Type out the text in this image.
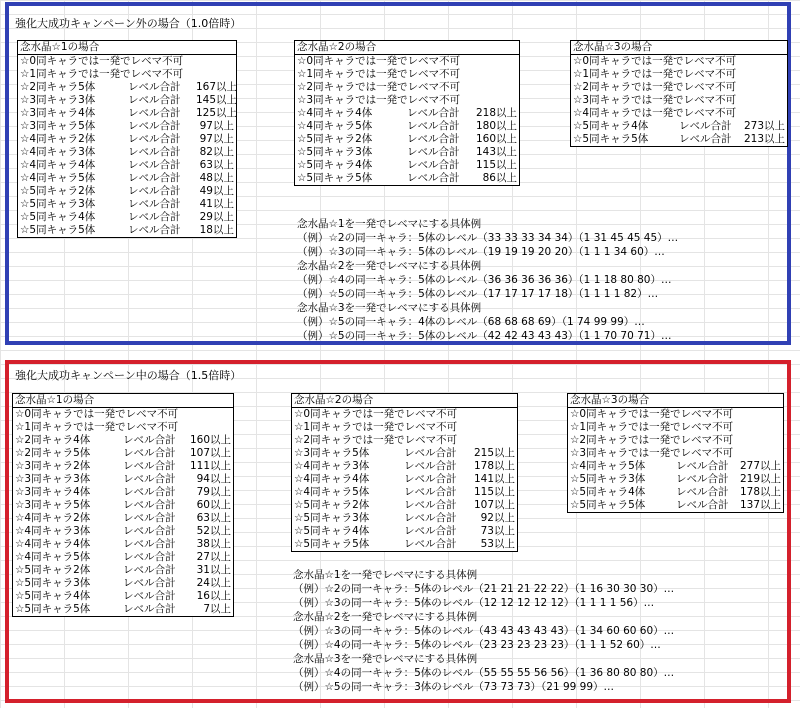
強化大成功キャンペーン外の場合（1.0倍時）
念水晶☆1の場合
☆0同キャラでは一発でレベマ不可
☆1同キャラでは一発でレベマ不可
☆2同キャラ5体	レベル合計	167以上
☆3同キャラ3体	レベル合計	145以上
☆3同キャラ4体	レベル合計	125以上
☆3同キャラ5体	レベル合計	97以上
☆4同キャラ2体	レベル合計	97以上
☆4同キャラ3体	レベル合計	82以上
☆4同キャラ4体	レベル合計	63以上
☆4同キャラ5体	レベル合計	48以上
☆5同キャラ2体	レベル合計	49以上
☆5同キャラ3体	レベル合計	41以上
☆5同キャラ4体	レベル合計	29以上
☆5同キャラ5体	レベル合計	18以上
念水晶☆2の場合
☆0同キャラでは一発でレベマ不可
☆1同キャラでは一発でレベマ不可
☆2同キャラでは一発でレベマ不可
☆3同キャラでは一発でレベマ不可
☆4同キャラ4体	レベル合計	218以上
☆4同キャラ5体	レベル合計	180以上
☆5同キャラ2体	レベル合計	160以上
☆5同キャラ3体	レベル合計	143以上
☆5同キャラ4体	レベル合計	115以上
☆5同キャラ5体	レベル合計	86以上
念水晶☆3の場合
☆0同キャラでは一発でレベマ不可
☆1同キャラでは一発でレベマ不可
☆2同キャラでは一発でレベマ不可
☆3同キャラでは一発でレベマ不可
☆4同キャラでは一発でレベマ不可
☆5同キャラ4体	レベル合計	273以上
☆5同キャラ5体	レベル合計	213以上
念水晶☆1を一発でレベマにする具体例
（例）☆2の同一キャラ：5体のレベル（33 33 33 34 34）（1 31 45 45 45）…
（例）☆3の同一キャラ：5体のレベル（19 19 19 20 20）（1 1 1 34 60）…
念水晶☆2を一発でレベマにする具体例
（例）☆4の同一キャラ：5体のレベル（36 36 36 36 36）（1 1 18 80 80）…
（例）☆5の同一キャラ：5体のレベル（17 17 17 17 18）（1 1 1 1 82）…
念水晶☆3を一発でレベマにする具体例
（例）☆5の同一キャラ：4体のレベル（68 68 68 69）（1 74 99 99）…
（例）☆5の同一キャラ：5体のレベル（42 42 43 43 43）（1 1 70 70 71）…
強化大成功キャンペーン中の場合（1.5倍時）
念水晶☆1の場合
☆0同キャラでは一発でレベマ不可
☆1同キャラでは一発でレベマ不可
☆2同キャラ4体	レベル合計	160以上
☆2同キャラ5体	レベル合計	107以上
☆3同キャラ2体	レベル合計	111以上
☆3同キャラ3体	レベル合計	94以上
☆3同キャラ4体	レベル合計	79以上
☆3同キャラ5体	レベル合計	60以上
☆4同キャラ2体	レベル合計	63以上
☆4同キャラ3体	レベル合計	52以上
☆4同キャラ4体	レベル合計	38以上
☆4同キャラ5体	レベル合計	27以上
☆5同キャラ2体	レベル合計	31以上
☆5同キャラ3体	レベル合計	24以上
☆5同キャラ4体	レベル合計	16以上
☆5同キャラ5体	レベル合計	7以上
念水晶☆2の場合
☆0同キャラでは一発でレベマ不可
☆1同キャラでは一発でレベマ不可
☆2同キャラでは一発でレベマ不可
☆3同キャラ5体	レベル合計	215以上
☆4同キャラ3体	レベル合計	178以上
☆4同キャラ4体	レベル合計	141以上
☆4同キャラ5体	レベル合計	115以上
☆5同キャラ2体	レベル合計	107以上
☆5同キャラ3体	レベル合計	92以上
☆5同キャラ4体	レベル合計	73以上
☆5同キャラ5体	レベル合計	53以上
念水晶☆3の場合
☆0同キャラでは一発でレベマ不可
☆1同キャラでは一発でレベマ不可
☆2同キャラでは一発でレベマ不可
☆3同キャラでは一発でレベマ不可
☆4同キャラ5体	レベル合計	277以上
☆5同キャラ3体	レベル合計	219以上
☆5同キャラ4体	レベル合計	178以上
☆5同キャラ5体	レベル合計	137以上
念水晶☆1を一発でレベマにする具体例
（例）☆2の同一キャラ：5体のレベル（21 21 21 22 22）（1 16 30 30 30）…
（例）☆3の同一キャラ：5体のレベル（12 12 12 12 12）（1 1 1 1 56）…
念水晶☆2を一発でレベマにする具体例
（例）☆3の同一キャラ：5体のレベル（43 43 43 43 43）（1 34 60 60 60）…
（例）☆4の同一キャラ：5体のレベル（23 23 23 23 23）（1 1 1 52 60）…
念水晶☆3を一発でレベマにする具体例
（例）☆4の同一キャラ：5体のレベル（55 55 55 56 56）（1 36 80 80 80）…
（例）☆5の同一キャラ：3体のレベル（73 73 73）（21 99 99）…
